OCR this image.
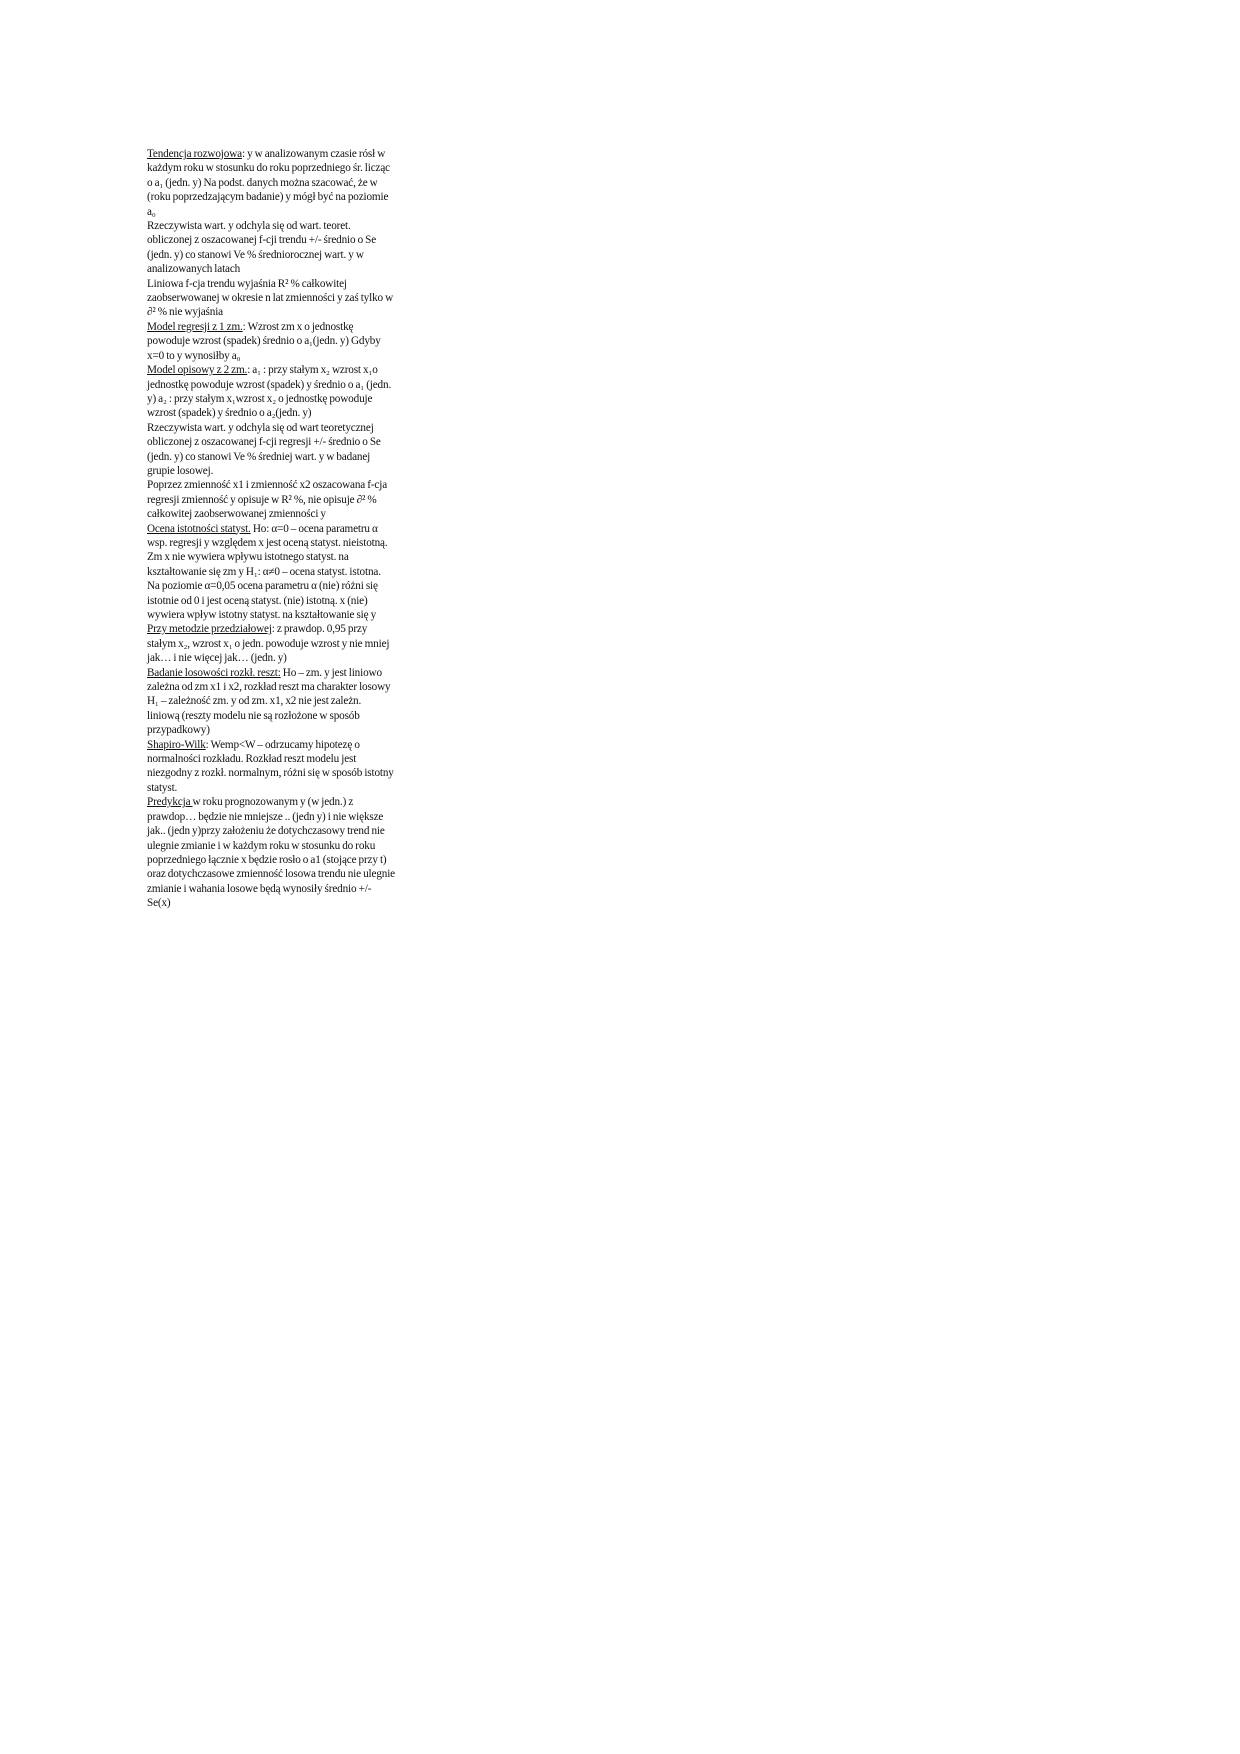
Tendencja rozwojowa: y w analizowanym czasie rósł w każdym roku w stosunku do roku poprzedniego śr. licząc o a₁ (jedn. y) Na podst. danych można szacować, że w (roku poprzedzającym badanie) y mógł być na poziomie a₀

Rzeczywista wart. y odchyla się od wart. teoret. obliczonej z oszacowanej f-cji trendu +/- średnio o Se (jedn. y) co stanowi Ve % średniorocznej wart. y w analizowanych latach

Liniowa f-cja trendu wyjaśnia R² % całkowitej zaobserwowanej w okresie n lat zmienności y zaś tylko w ∂² % nie wyjaśnia

Model regresji z 1 zm.: Wzrost zm x o jednostkę powoduje wzrost (spadek) średnio o a₁(jedn. y) Gdyby x=0 to y wynosiłby a₀

Model opisowy z 2 zm.: a₁ : przy stałym x₂ wzrost x₁o jednostkę powoduje wzrost (spadek) y średnio o a₁ (jedn. y) a₂ : przy stałym x₁wzrost x₂ o jednostkę powoduje wzrost (spadek) y średnio o a₂(jedn. y)

Rzeczywista wart. y odchyla się od wart teoretycznej obliczonej z oszacowanej f-cji regresji +/- średnio o Se (jedn. y) co stanowi Ve % średniej wart. y w badanej grupie losowej.

Poprzez zmienność x1 i zmienność x2 oszacowana f-cja regresji zmienność y opisuje w R² %, nie opisuje ∂² % całkowitej zaobserwowanej zmienności y

Ocena istotności statyst. Ho: α=0 – ocena parametru α wsp. regresji y względem x jest oceną statyst. nieistotną. Zm x nie wywiera wpływu istotnego statyst. na kształtowanie się zm y H₁: α≠0 – ocena statyst. istotna.

Na poziomie α=0,05 ocena parametru α (nie) różni się istotnie od 0 i jest oceną statyst. (nie) istotną. x (nie) wywiera wpływ istotny statyst. na kształtowanie się y

Przy metodzie przedziałowej: z prawdop. 0,95 przy stałym x₂, wzrost x₁ o jedn. powoduje wzrost y nie mniej jak… i nie więcej jak… (jedn. y)

Badanie losowości rozkł. reszt: Ho – zm. y jest liniowo zależna od zm x1 i x2, rozkład reszt ma charakter losowy H₁ – zależność zm. y od zm. x1, x2 nie jest zależn. liniową (reszty modelu nie są rozłożone w sposób przypadkowy)

Shapiro-Wilk: Wemp<W – odrzucamy hipotezę o normalności rozkładu. Rozkład reszt modelu jest niezgodny z rozkł. normalnym, różni się w sposób istotny statyst.

Predykcja w roku prognozowanym y (w jedn.) z prawdop… będzie nie mniejsze .. (jedn y) i nie większe jak.. (jedn y)przy założeniu że dotychczasowy trend nie ulegnie zmianie i w każdym roku w stosunku do roku poprzedniego łącznie x będzie rosło o a1 (stojące przy t) oraz dotychczasowe zmienność losowa trendu nie ulegnie zmianie i wahania losowe będą wynosiły średnio +/- Se(x)
